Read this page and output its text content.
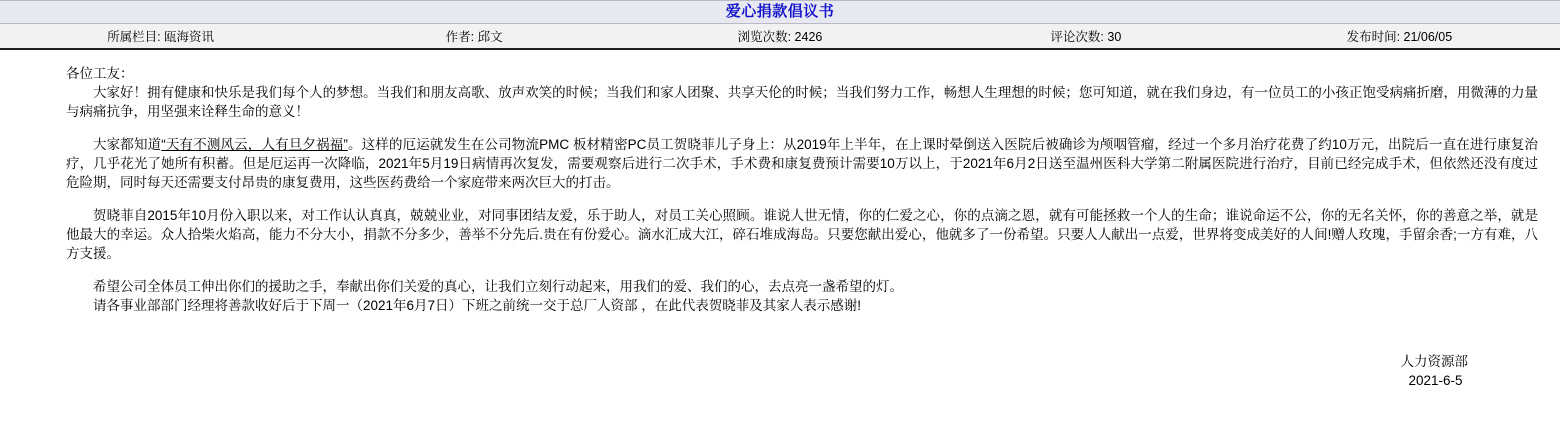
爱心捐款倡议书
所属栏目: 瓯海资讯	作者: 邱文	浏览次数: 2426	评论次数: 30	发布时间: 21/06/05

各位工友：

大家好！拥有健康和快乐是我们每个人的梦想。当我们和朋友高歌、放声欢笑的时候；当我们和家人团聚、共享天伦的时候；当我们努力工作，畅想人生理想的时候；您可知道，就在我们身边，有一位员工的小孩正饱受病痛折磨，用微薄的力量与病痛抗争，用坚强来诠释生命的意义！

大家都知道“天有不测风云，人有旦夕祸福”。这样的厄运就发生在公司物流PMC 板材精密PC员工贺晓菲儿子身上：从2019年上半年，在上课时晕倒送入医院后被确诊为颅咽管瘤，经过一个多月治疗花费了约10万元，出院后一直在进行康复治疗，几乎花光了她所有积蓄。但是厄运再一次降临，2021年5月19日病情再次复发，需要观察后进行二次手术，手术费和康复费预计需要10万以上，于2021年6月2日送至温州医科大学第二附属医院进行治疗，目前已经完成手术，但依然还没有度过危险期，同时每天还需要支付昂贵的康复费用，这些医药费给一个家庭带来两次巨大的打击。

贺晓菲自2015年10月份入职以来，对工作认认真真，兢兢业业，对同事团结友爱，乐于助人，对员工关心照顾。谁说人世无情，你的仁爱之心，你的点滴之恩，就有可能拯救一个人的生命；谁说命运不公，你的无名关怀，你的善意之举，就是他最大的幸运。众人拾柴火焰高，能力不分大小，捐款不分多少，善举不分先后.贵在有份爱心。滴水汇成大江，碎石堆成海岛。只要您献出爱心，他就多了一份希望。只要人人献出一点爱，世界将变成美好的人间!赠人玫瑰，手留余香;一方有难，八方支援。

希望公司全体员工伸出你们的援助之手，奉献出你们关爱的真心，让我们立刻行动起来，用我们的爱、我们的心，去点亮一盏希望的灯。

请各事业部部门经理将善款收好后于下周一（2021年6月7日）下班之前统一交于总厂人资部 ，在此代表贺晓菲及其家人表示感谢!

人力资源部
2021-6-5
